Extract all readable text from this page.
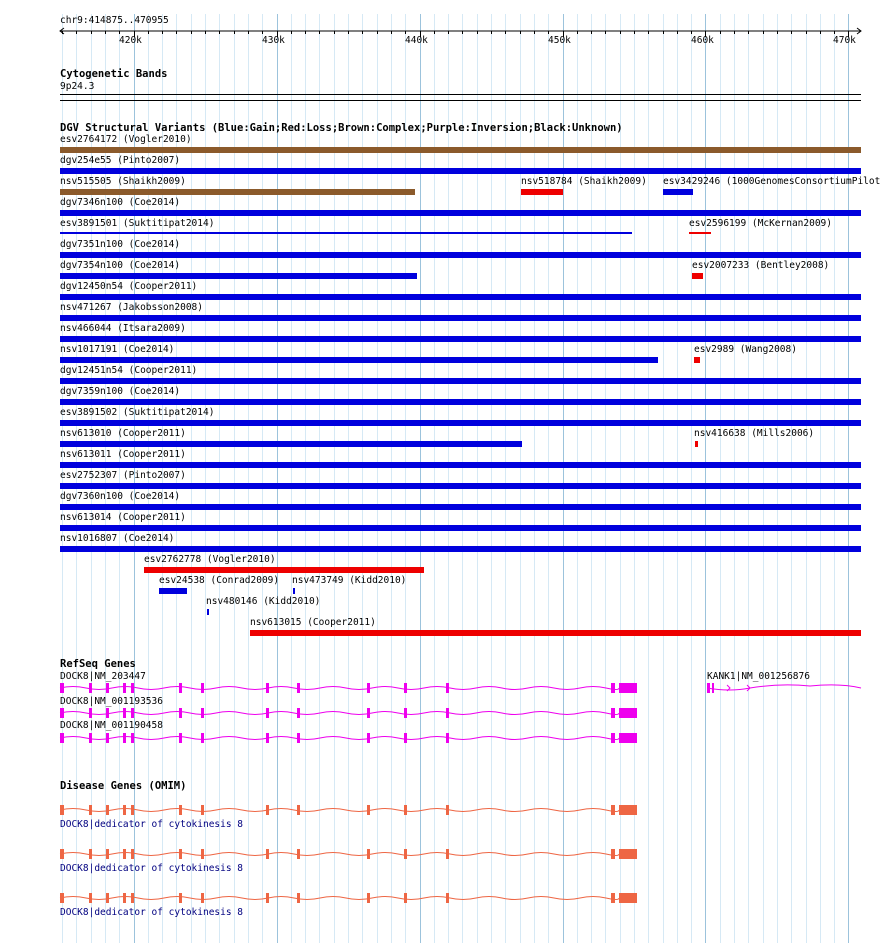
chr9:414875..470955
420k	430k	440k	450k	460k	470k
Cytogenetic Bands
9p24.3
DGV Structural Variants (Blue:Gain;Red:Loss;Brown:Complex;Purple:Inversion;Black:Unknown)
esv2764172 (Vogler2010)
dgv254e55 (Pinto2007)
nsv515505 (Shaikh2009)	nsv518784 (Shaikh2009) esv3429246 (1000GenomesConsortiumPilot
dgv7346n100 (Coe2014)
esv3891501 (Suktitipat2014)	esv2596199 (McKernan2009)
dgv7351n100 (Coe2014)
dgv7354n100 (Coe2014)	esv2007233 (Bentley2008)
dgv12450n54 (Cooper2011)
nsv471267 (Jakobsson2008)
nsv466044 (Itsara2009)
nsv1017191 (Coe2014)	esv2989 (Wang2008)
dgv12451n54 (Cooper2011)
dgv7359n100 (Coe2014)
esv3891502 (Suktitipat2014)
nsv613010 (Cooper2011)	nsv416638 (Mills2006)
nsv613011 (Cooper2011)
esv2752307 (Pinto2007)
dgv7360n100 (Coe2014)
nsv613014 (Cooper2011)
nsv1016807 (Coe2014)
esv2762778 (Vogler2010)
esv24538 (Conrad2009) nsv473749 (Kidd2010)
nsv480146 (Kidd2010)
nsv613015 (Cooper2011)
RefSeq Genes
DOCK8|NM_203447	KANK1|NM_001256876
DOCK8|NM_001193536
DOCK8|NM_001190458
Disease Genes (OMIM)
DOCK8|dedicator of cytokinesis 8
DOCK8|dedicator of cytokinesis 8
DOCK8|dedicator of cytokinesis 8
